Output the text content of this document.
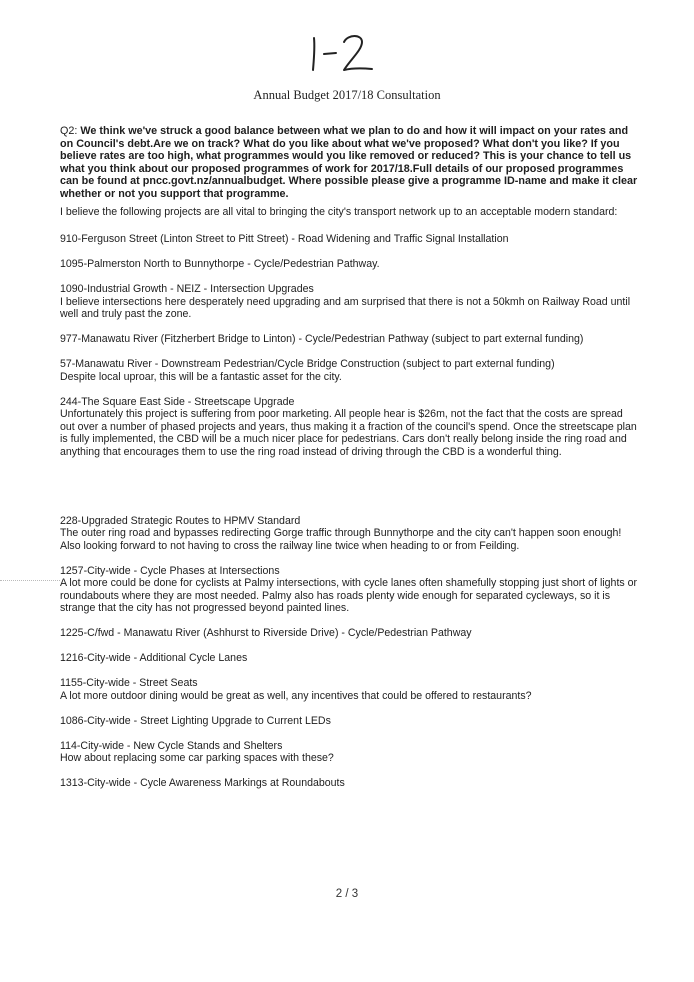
Annual Budget 2017/18 Consultation

Q2: We think we've struck a good balance between what we plan to do and how it will impact on your rates and on Council's debt.Are we on track? What do you like about what we've proposed? What don't you like? If you believe rates are too high, what programmes would you like removed or reduced? This is your chance to tell us what you think about our proposed programmes of work for 2017/18.Full details of our proposed programmes can be found at pncc.govt.nz/annualbudget. Where possible please give a programme ID-name and make it clear whether or not you support that programme.

I believe the following projects are all vital to bringing the city's transport network up to an acceptable modern standard:

910-Ferguson Street (Linton Street to Pitt Street) - Road Widening and Traffic Signal Installation

1095-Palmerston North to Bunnythorpe - Cycle/Pedestrian Pathway.

1090-Industrial Growth - NEIZ - Intersection Upgrades

I believe intersections here desperately need upgrading and am surprised that there is not a 50kmh on Railway Road until well and truly past the zone.

977-Manawatu River (Fitzherbert Bridge to Linton) - Cycle/Pedestrian Pathway (subject to part external funding)

57-Manawatu River - Downstream Pedestrian/Cycle Bridge Construction (subject to part external funding)

Despite local uproar, this will be a fantastic asset for the city.

244-The Square East Side - Streetscape Upgrade

Unfortunately this project is suffering from poor marketing. All people hear is $26m, not the fact that the costs are spread out over a number of phased projects and years, thus making it a fraction of the council's spend. Once the streetscape plan is fully implemented, the CBD will be a much nicer place for pedestrians. Cars don't really belong inside the ring road and anything that encourages them to use the ring road instead of driving through the CBD is a wonderful thing.

228-Upgraded Strategic Routes to HPMV Standard

The outer ring road and bypasses redirecting Gorge traffic through Bunnythorpe and the city can't happen soon enough! Also looking forward to not having to cross the railway line twice when heading to or from Feilding.

1257-City-wide - Cycle Phases at Intersections

A lot more could be done for cyclists at Palmy intersections, with cycle lanes often shamefully stopping just short of lights or roundabouts where they are most needed. Palmy also has roads plenty wide enough for separated cycleways, so it is strange that the city has not progressed beyond painted lines.

1225-C/fwd - Manawatu River (Ashhurst to Riverside Drive) - Cycle/Pedestrian Pathway

1216-City-wide - Additional Cycle Lanes

1155-City-wide - Street Seats

A lot more outdoor dining would be great as well, any incentives that could be offered to restaurants?

1086-City-wide - Street Lighting Upgrade to Current LEDs

114-City-wide - New Cycle Stands and Shelters

How about replacing some car parking spaces with these?

1313-City-wide - Cycle Awareness Markings at Roundabouts

2 / 3
